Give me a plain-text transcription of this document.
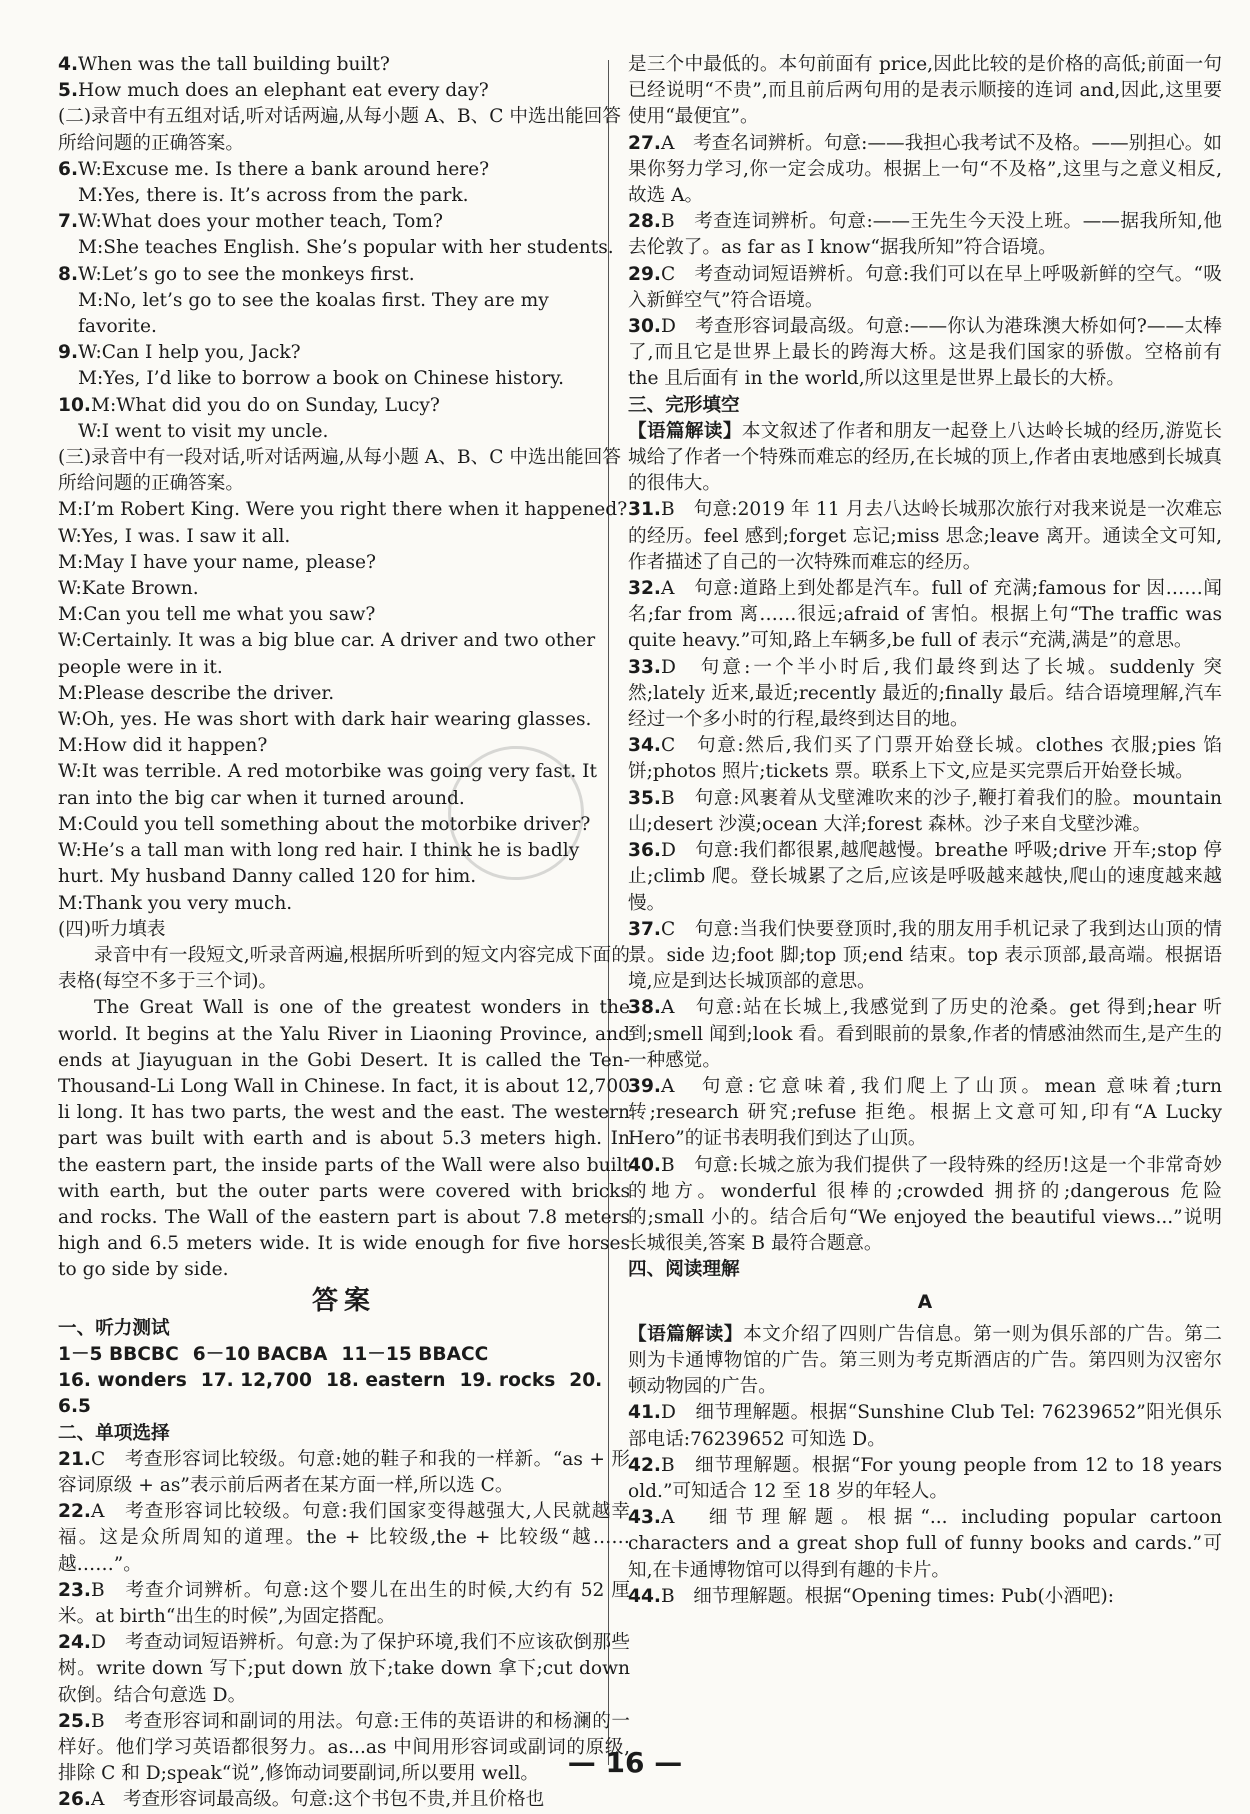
4.When was the tall building built?
5.How much does an elephant eat every day?
(二)录音中有五组对话,听对话两遍,从每小题 A、B、C 中选出能回答所给问题的正确答案。
6.W:Excuse me. Is there a bank around here?
M:Yes, there is. It’s across from the park.
7.W:What does your mother teach, Tom?
M:She teaches English. She’s popular with her students.
8.W:Let’s go to see the monkeys first.
M:No, let’s go to see the koalas first. They are my favorite.
9.W:Can I help you, Jack?
M:Yes, I’d like to borrow a book on Chinese history.
10.M:What did you do on Sunday, Lucy?
W:I went to visit my uncle.
(三)录音中有一段对话,听对话两遍,从每小题 A、B、C 中选出能回答所给问题的正确答案。
M:I’m Robert King. Were you right there when it happened?
W:Yes, I was. I saw it all.
M:May I have your name, please?
W:Kate Brown.
M:Can you tell me what you saw?
W:Certainly. It was a big blue car. A driver and two other people were in it.
M:Please describe the driver.
W:Oh, yes. He was short with dark hair wearing glasses.
M:How did it happen?
W:It was terrible. A red motorbike was going very fast. It ran into the big car when it turned around.
M:Could you tell something about the motorbike driver?
W:He’s a tall man with long red hair. I think he is badly hurt. My husband Danny called 120 for him.
M:Thank you very much.
(四)听力填表
录音中有一段短文,听录音两遍,根据所听到的短文内容完成下面的表格(每空不多于三个词)。
The Great Wall is one of the greatest wonders in the world. It begins at the Yalu River in Liaoning Province, and ends at Jiayuguan in the Gobi Desert. It is called the Ten-Thousand-Li Long Wall in Chinese. In fact, it is about 12,700 li long. It has two parts, the west and the east. The western part was built with earth and is about 5.3 meters high. In the eastern part, the inside parts of the Wall were also built with earth, but the outer parts were covered with bricks and rocks. The Wall of the eastern part is about 7.8 meters high and 6.5 meters wide. It is wide enough for five horses to go side by side.
答案
一、听力测试
1－5 BBCBC 6－10 BACBA 11－15 BBACC
16. wonders 17. 12,700 18. eastern 19. rocks 20. 6.5
二、单项选择
21.C　考查形容词比较级。句意:她的鞋子和我的一样新。“as + 形容词原级 + as”表示前后两者在某方面一样,所以选 C。
22.A　考查形容词比较级。句意:我们国家变得越强大,人民就越幸福。这是众所周知的道理。the + 比较级,the + 比较级“越……越……”。
23.B　考查介词辨析。句意:这个婴儿在出生的时候,大约有 52 厘米。at birth“出生的时候”,为固定搭配。
24.D　考查动词短语辨析。句意:为了保护环境,我们不应该砍倒那些树。write down 写下;put down 放下;take down 拿下;cut down 砍倒。结合句意选 D。
25.B　考查形容词和副词的用法。句意:王伟的英语讲的和杨澜的一样好。他们学习英语都很努力。as...as 中间用形容词或副词的原级,排除 C 和 D;speak“说”,修饰动词要副词,所以要用 well。
26.A　考查形容词最高级。句意:这个书包不贵,并且价格也
是三个中最低的。本句前面有 price,因此比较的是价格的高低;前面一句已经说明“不贵”,而且前后两句用的是表示顺接的连词 and,因此,这里要使用“最便宜”。
27.A　考查名词辨析。句意:——我担心我考试不及格。——别担心。如果你努力学习,你一定会成功。根据上一句“不及格”,这里与之意义相反,故选 A。
28.B　考查连词辨析。句意:——王先生今天没上班。——据我所知,他去伦敦了。as far as I know“据我所知”符合语境。
29.C　考查动词短语辨析。句意:我们可以在早上呼吸新鲜的空气。“吸入新鲜空气”符合语境。
30.D　考查形容词最高级。句意:——你认为港珠澳大桥如何?——太棒了,而且它是世界上最长的跨海大桥。这是我们国家的骄傲。空格前有 the 且后面有 in the world,所以这里是世界上最长的大桥。
三、完形填空
【语篇解读】本文叙述了作者和朋友一起登上八达岭长城的经历,游览长城给了作者一个特殊而难忘的经历,在长城的顶上,作者由衷地感到长城真的很伟大。
31.B　句意:2019 年 11 月去八达岭长城那次旅行对我来说是一次难忘的经历。feel 感到;forget 忘记;miss 思念;leave 离开。通读全文可知,作者描述了自己的一次特殊而难忘的经历。
32.A　句意:道路上到处都是汽车。full of 充满;famous for 因……闻名;far from 离……很远;afraid of 害怕。根据上句“The traffic was quite heavy.”可知,路上车辆多,be full of 表示“充满,满是”的意思。
33.D　句意:一个半小时后,我们最终到达了长城。suddenly 突然;lately 近来,最近;recently 最近的;finally 最后。结合语境理解,汽车经过一个多小时的行程,最终到达目的地。
34.C　句意:然后,我们买了门票开始登长城。clothes 衣服;pies 馅饼;photos 照片;tickets 票。联系上下文,应是买完票后开始登长城。
35.B　句意:风裹着从戈壁滩吹来的沙子,鞭打着我们的脸。mountain 山;desert 沙漠;ocean 大洋;forest 森林。沙子来自戈壁沙滩。
36.D　句意:我们都很累,越爬越慢。breathe 呼吸;drive 开车;stop 停止;climb 爬。登长城累了之后,应该是呼吸越来越快,爬山的速度越来越慢。
37.C　句意:当我们快要登顶时,我的朋友用手机记录了我到达山顶的情景。side 边;foot 脚;top 顶;end 结束。top 表示顶部,最高端。根据语境,应是到达长城顶部的意思。
38.A　句意:站在长城上,我感觉到了历史的沧桑。get 得到;hear 听到;smell 闻到;look 看。看到眼前的景象,作者的情感油然而生,是产生的一种感觉。
39.A　句意:它意味着,我们爬上了山顶。mean 意味着;turn 转;research 研究;refuse 拒绝。根据上文意可知,印有“A Lucky Hero”的证书表明我们到达了山顶。
40.B　句意:长城之旅为我们提供了一段特殊的经历!这是一个非常奇妙的地方。wonderful 很棒的;crowded 拥挤的;dangerous 危险的;small 小的。结合后句“We enjoyed the beautiful views...”说明长城很美,答案 B 最符合题意。
四、阅读理解
A
【语篇解读】本文介绍了四则广告信息。第一则为俱乐部的广告。第二则为卡通博物馆的广告。第三则为考克斯酒店的广告。第四则为汉密尔顿动物园的广告。
41.D　细节理解题。根据“Sunshine Club Tel: 76239652”阳光俱乐部电话:76239652 可知选 D。
42.B　细节理解题。根据“For young people from 12 to 18 years old.”可知适合 12 至 18 岁的年轻人。
43.A　细节理解题。根据“... including popular cartoon characters and a great shop full of funny books and cards.”可知,在卡通博物馆可以得到有趣的卡片。
44.B　细节理解题。根据“Opening times: Pub(小酒吧):
— 16 —
